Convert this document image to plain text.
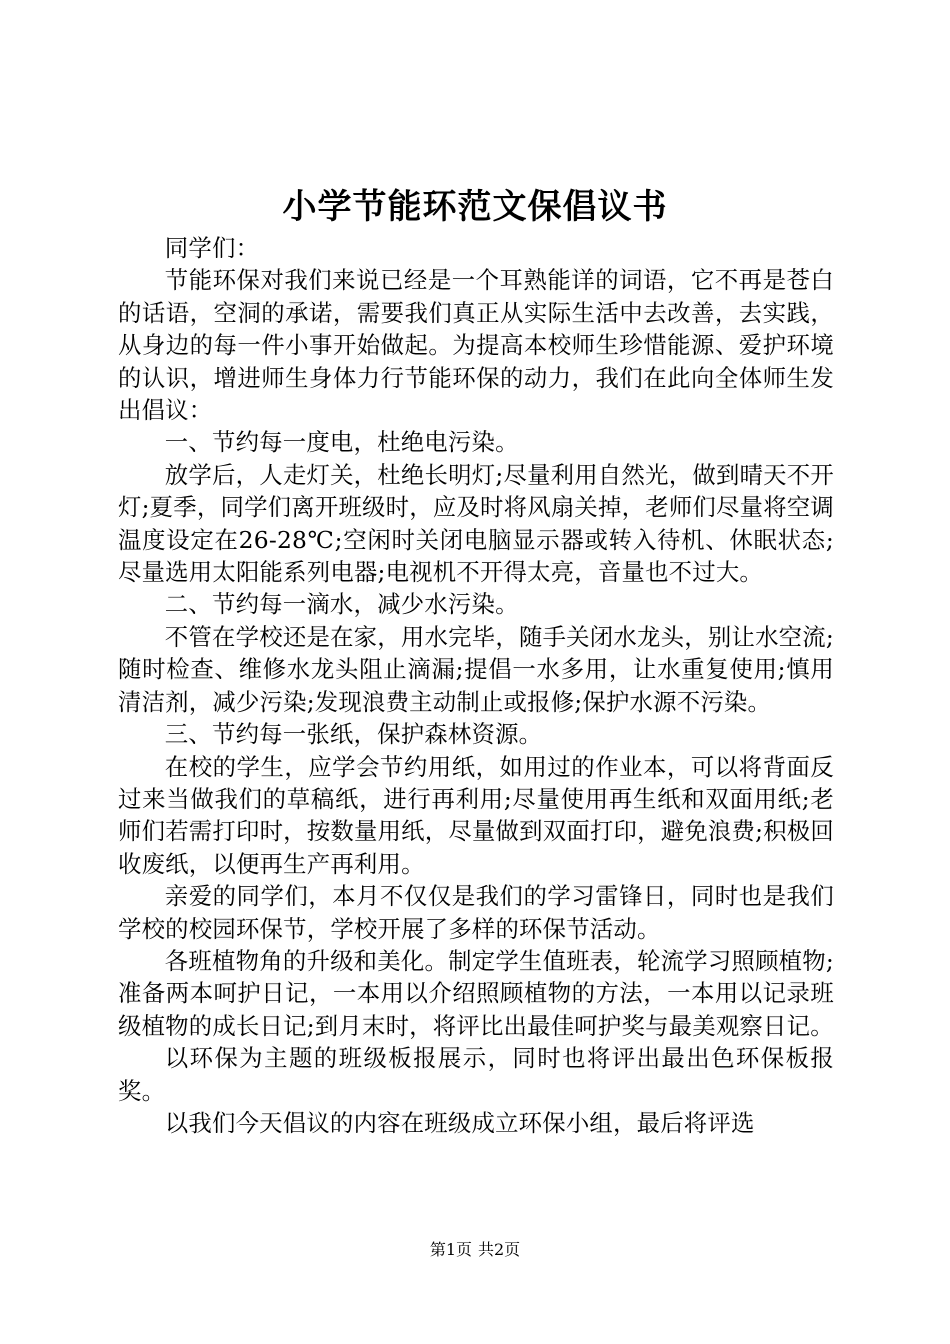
小学节能环范文保倡议书

同学们：

节能环保对我们来说已经是一个耳熟能详的词语，它不再是苍白的话语，空洞的承诺，需要我们真正从实际生活中去改善，去实践，从身边的每一件小事开始做起。为提高本校师生珍惜能源、爱护环境的认识，增进师生身体力行节能环保的动力，我们在此向全体师生发出倡议：

一、节约每一度电，杜绝电污染。

放学后，人走灯关，杜绝长明灯;尽量利用自然光，做到晴天不开灯;夏季，同学们离开班级时，应及时将风扇关掉，老师们尽量将空调温度设定在26-28℃;空闲时关闭电脑显示器或转入待机、休眠状态;尽量选用太阳能系列电器;电视机不开得太亮，音量也不过大。

二、节约每一滴水，减少水污染。

不管在学校还是在家，用水完毕，随手关闭水龙头，别让水空流;随时检查、维修水龙头阻止滴漏;提倡一水多用，让水重复使用;慎用清洁剂，减少污染;发现浪费主动制止或报修;保护水源不污染。

三、节约每一张纸，保护森林资源。

在校的学生，应学会节约用纸，如用过的作业本，可以将背面反过来当做我们的草稿纸，进行再利用;尽量使用再生纸和双面用纸;老师们若需打印时，按数量用纸，尽量做到双面打印，避免浪费;积极回收废纸，以便再生产再利用。

亲爱的同学们，本月不仅仅是我们的学习雷锋日，同时也是我们学校的校园环保节，学校开展了多样的环保节活动。

各班植物角的升级和美化。制定学生值班表，轮流学习照顾植物;准备两本呵护日记，一本用以介绍照顾植物的方法，一本用以记录班级植物的成长日记;到月末时，将评比出最佳呵护奖与最美观察日记。

以环保为主题的班级板报展示，同时也将评出最出色环保板报奖。

以我们今天倡议的内容在班级成立环保小组，最后将评选

第1页 共2页
